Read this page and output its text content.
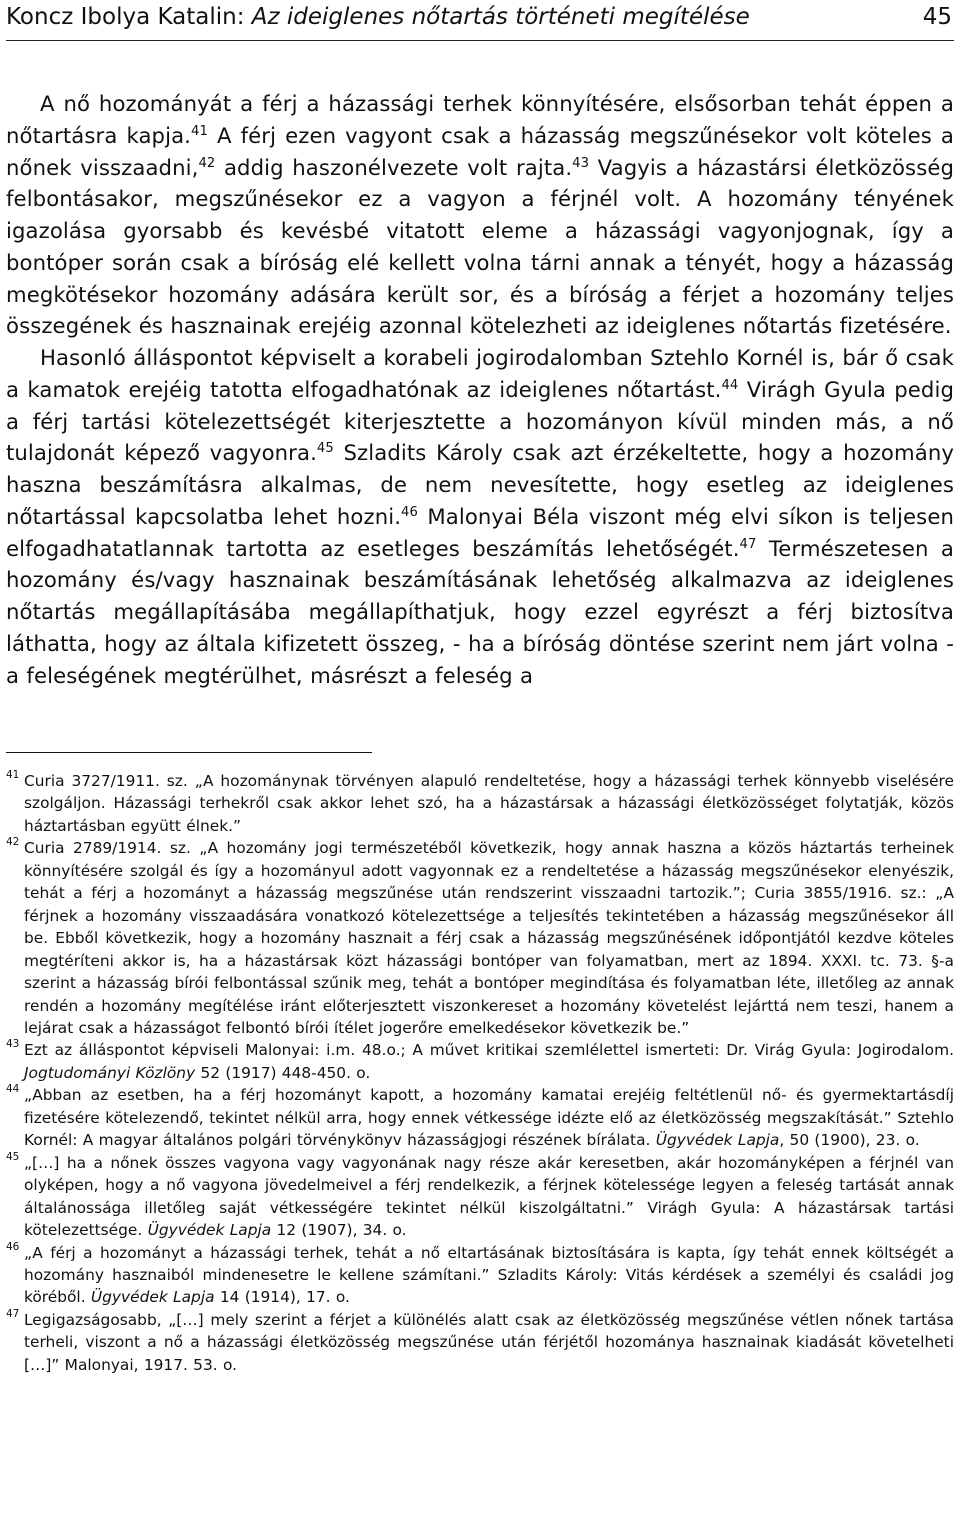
Koncz Ibolya Katalin: Az ideiglenes nőtartás történeti megítélése	45

A nő hozományát a férj a házassági terhek könnyítésére, elsősorban tehát éppen a nőtartásra kapja.$^{41}$ A férj ezen vagyont csak a házasság megszűnésekor volt köteles a nőnek visszaadni,$^{42}$ addig haszonélvezete volt rajta.$^{43}$ Vagyis a házastársi életközösség felbontásakor, megszűnésekor ez a vagyon a férjnél volt. A hozomány tényének igazolása gyorsabb és kevésbé vitatott eleme a házassági vagyonjognak, így a bontóper során csak a bíróság elé kellett volna tárni annak a tényét, hogy a házasság megkötésekor hozomány adására került sor, és a bíróság a férjet a hozomány teljes összegének és hasznainak erejéig azonnal kötelezheti az ideiglenes nőtartás fizetésére.

Hasonló álláspontot képviselt a korabeli jogirodalomban Sztehlo Kornél is, bár ő csak a kamatok erejéig tatotta elfogadhatónak az ideiglenes nőtartást.$^{44}$ Virágh Gyula pedig a férj tartási kötelezettségét kiterjesztette a hozományon kívül minden más, a nő tulajdonát képező vagyonra.$^{45}$ Szladits Károly csak azt érzékeltette, hogy a hozomány haszna beszámításra alkalmas, de nem nevesítette, hogy esetleg az ideiglenes nőtartással kapcsolatba lehet hozni.$^{46}$ Malonyai Béla viszont még elvi síkon is teljesen elfogadhatatlannak tartotta az esetleges beszámítás lehetőségét.$^{47}$ Természetesen a hozomány és/vagy hasznainak beszámításának lehetőség alkalmazva az ideiglenes nőtartás megállapításába megállapíthatjuk, hogy ezzel egyrészt a férj biztosítva láthatta, hogy az általa kifizetett összeg, - ha a bíróság döntése szerint nem járt volna - a feleségének megtérülhet, másrészt a feleség a

41 Curia 3727/1911. sz. „A hozománynak törvényen alapuló rendeltetése, hogy a házassági terhek könnyebb viselésére szolgáljon. Házassági terhekről csak akkor lehet szó, ha a házastársak a házassági életközösséget folytatják, közös háztartásban együtt élnek.”
42 Curia 2789/1914. sz. „A hozomány jogi természetéből következik, hogy annak haszna a közös háztartás terheinek könnyítésére szolgál és így a hozományul adott vagyonnak ez a rendeltetése a házasság megszűnésekor elenyészik, tehát a férj a hozományt a házasság megszűnése után rendszerint visszaadni tartozik.”; Curia 3855/1916. sz.: „A férjnek a hozomány visszaadására vonatkozó kötelezettsége a teljesítés tekintetében a házasság megszűnésekor áll be. Ebből következik, hogy a hozomány hasznait a férj csak a házasság megszűnésének időpontjától kezdve köteles megtéríteni akkor is, ha a házastársak közt házassági bontóper van folyamatban, mert az 1894. XXXI. tc. 73. §-a szerint a házasság bírói felbontással szűnik meg, tehát a bontóper megindítása és folyamatban léte, illetőleg az annak rendén a hozomány megítélése iránt előterjesztett viszonkereset a hozomány követelést lejárttá nem teszi, hanem a lejárat csak a házasságot felbontó bírói ítélet jogerőre emelkedésekor következik be.”
43 Ezt az álláspontot képviseli Malonyai: i.m. 48.o.; A művet kritikai szemlélettel ismerteti: Dr. Virág Gyula: Jogirodalom. Jogtudományi Közlöny 52 (1917) 448-450. o.
44 „Abban az esetben, ha a férj hozományt kapott, a hozomány kamatai erejéig feltétlenül nő- és gyermektartásdíj fizetésére kötelezendő, tekintet nélkül arra, hogy ennek vétkessége idézte elő az életközösség megszakítását.” Sztehlo Kornél: A magyar általános polgári törvénykönyv házasságjogi részének bírálata. Ügyvédek Lapja, 50 (1900), 23. o.
45 „[…] ha a nőnek összes vagyona vagy vagyonának nagy része akár keresetben, akár hozományképen a férjnél van olyképen, hogy a nő vagyona jövedelmeivel a férj rendelkezik, a férjnek kötelessége legyen a feleség tartását annak általánossága illetőleg saját vétkességére tekintet nélkül kiszolgáltatni.” Virágh Gyula: A házastársak tartási kötelezettsége. Ügyvédek Lapja 12 (1907), 34. o.
46 „A férj a hozományt a házassági terhek, tehát a nő eltartásának biztosítására is kapta, így tehát ennek költségét a hozomány hasznaiból mindenesetre le kellene számítani.” Szladits Károly: Vitás kérdések a személyi és családi jog köréből. Ügyvédek Lapja 14 (1914), 17. o.
47 Legigazságosabb, „[…] mely szerint a férjet a különélés alatt csak az életközösség megszűnése vétlen nőnek tartása terheli, viszont a nő a házassági életközösség megszűnése után férjétől hozománya hasznainak kiadását követelheti […]” Malonyai, 1917. 53. o.
